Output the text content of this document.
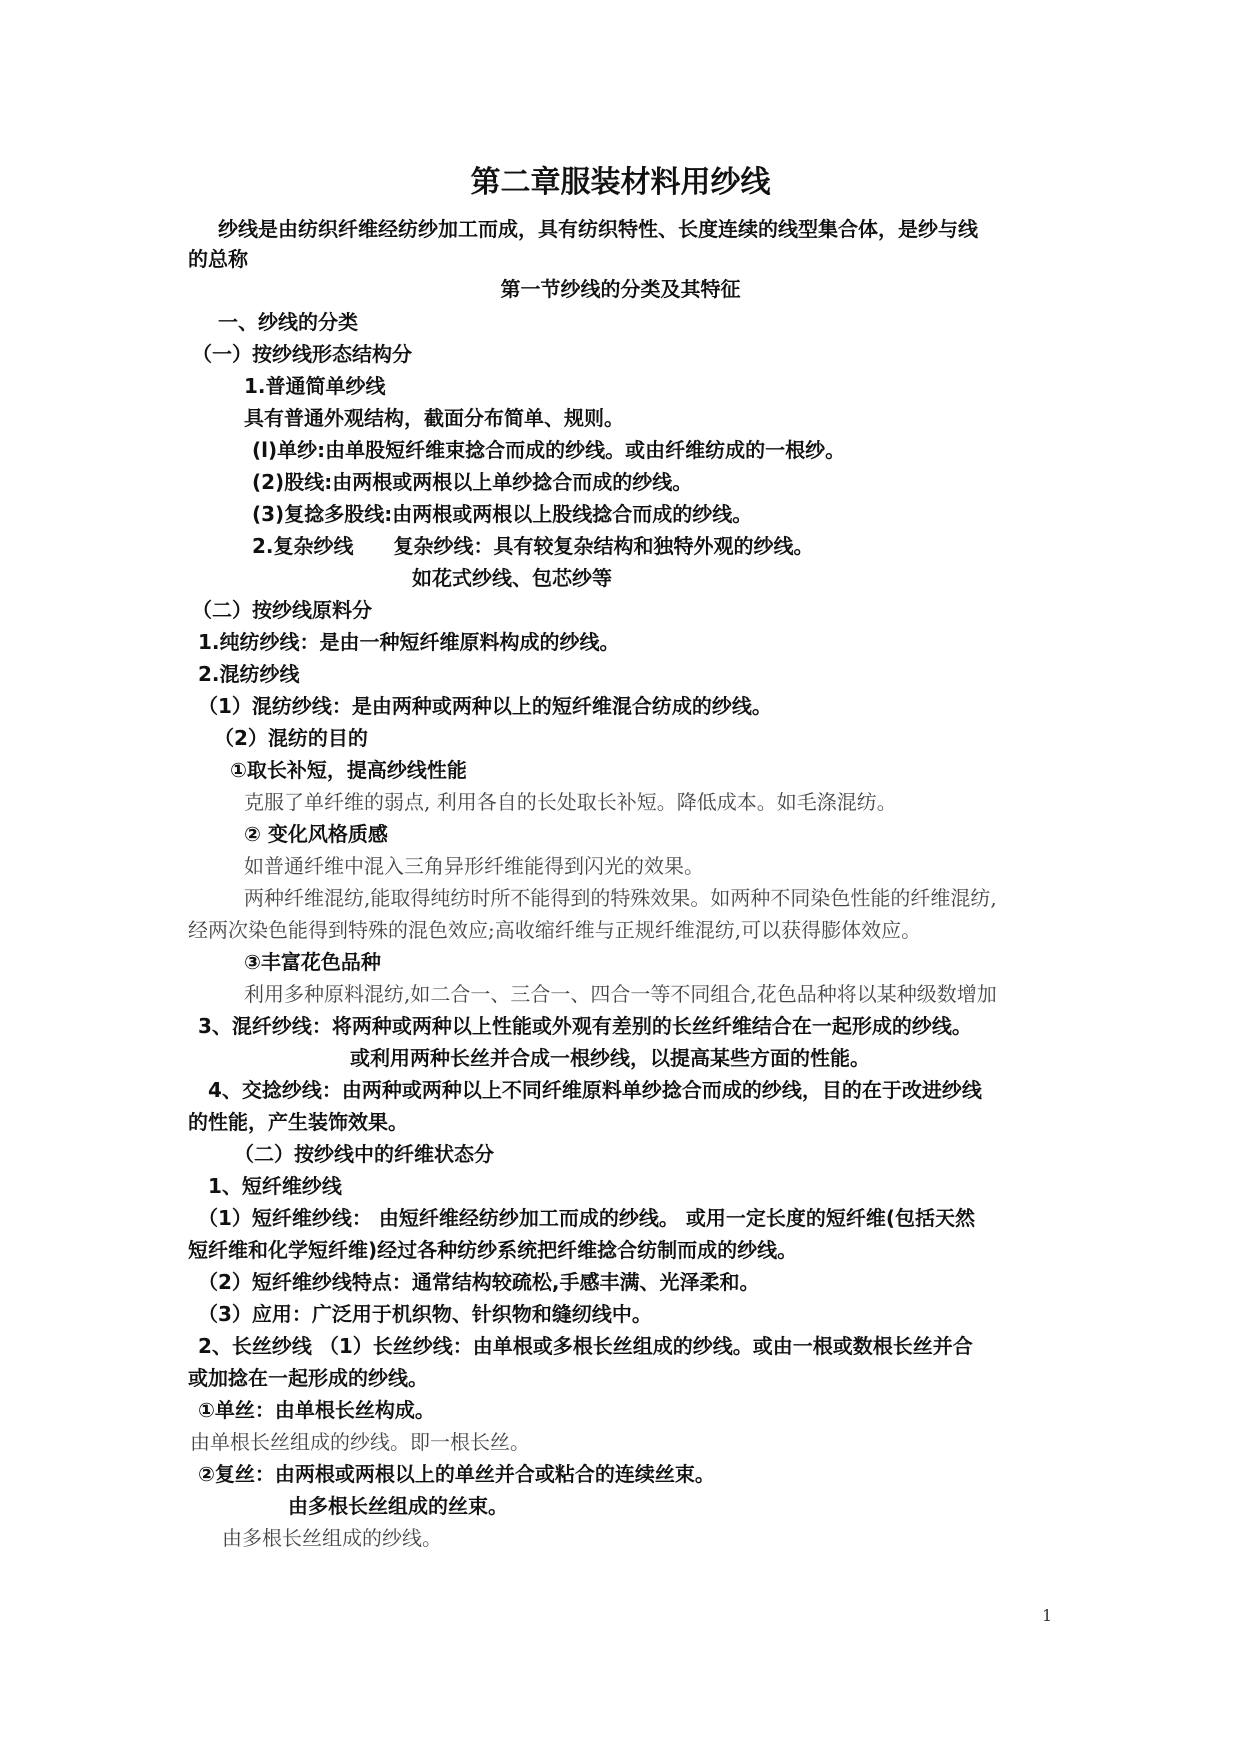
第二章服装材料用纱线
纱线是由纺织纤维经纺纱加工而成，具有纺织特性、长度连续的线型集合体，是纱与线
的总称
第一节纱线的分类及其特征
一、纱线的分类
（一）按纱线形态结构分
1.普通简单纱线
具有普通外观结构，截面分布简单、规则。
(l)单纱:由单股短纤维束捻合而成的纱线。或由纤维纺成的一根纱。
(2)股线:由两根或两根以上单纱捻合而成的纱线。
(3)复捻多股线:由两根或两根以上股线捻合而成的纱线。
2.复杂纱线　　复杂纱线：具有较复杂结构和独特外观的纱线。
如花式纱线、包芯纱等
（二）按纱线原料分
1.纯纺纱线：是由一种短纤维原料构成的纱线。
2.混纺纱线
（1）混纺纱线：是由两种或两种以上的短纤维混合纺成的纱线。
（2）混纺的目的
①取长补短，提高纱线性能
克服了单纤维的弱点, 利用各自的长处取长补短。降低成本。如毛涤混纺。
② 变化风格质感
如普通纤维中混入三角异形纤维能得到闪光的效果。
两种纤维混纺,能取得纯纺时所不能得到的特殊效果。如两种不同染色性能的纤维混纺,
经两次染色能得到特殊的混色效应;高收缩纤维与正规纤维混纺,可以获得膨体效应。
③丰富花色品种
利用多种原料混纺,如二合一、三合一、四合一等不同组合,花色品种将以某种级数增加
3、混纤纱线：将两种或两种以上性能或外观有差别的长丝纤维结合在一起形成的纱线。
或利用两种长丝并合成一根纱线，以提高某些方面的性能。
4、交捻纱线：由两种或两种以上不同纤维原料单纱捻合而成的纱线，目的在于改进纱线
的性能，产生装饰效果。
（二）按纱线中的纤维状态分
1、短纤维纱线
（1）短纤维纱线： 由短纤维经纺纱加工而成的纱线。 或用一定长度的短纤维(包括天然
短纤维和化学短纤维)经过各种纺纱系统把纤维捻合纺制而成的纱线。
（2）短纤维纱线特点：通常结构较疏松,手感丰满、光泽柔和。
（3）应用：广泛用于机织物、针织物和缝纫线中。
2、长丝纱线 （1）长丝纱线：由单根或多根长丝组成的纱线。或由一根或数根长丝并合
或加捻在一起形成的纱线。
①单丝：由单根长丝构成。
由单根长丝组成的纱线。即一根长丝。
②复丝：由两根或两根以上的单丝并合或粘合的连续丝束。
由多根长丝组成的丝束。
由多根长丝组成的纱线。
1
